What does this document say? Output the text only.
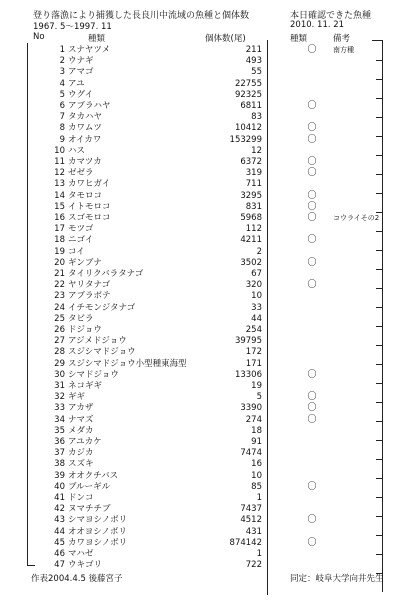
登り落漁により捕獲した長良川中流域の魚種と個体数
1967. 5～1997. 11
No	種類	個体数(尾)
本日確認できた魚種
2010. 11. 21
種類	備考
1 スナヤツメ	211	〇 南方種
2 ウナギ	493
3 アマゴ	55
4 アユ	22755
5 ウグイ	92325
6 アブラハヤ	6811	〇
7 タカハヤ	83
8 カワムツ	10412	〇
9 オイカワ	153299	〇
10 ハス	12
11 カマツカ	6372	〇
12 ゼゼラ	319	〇
13 カワヒガイ	711
14 タモロコ	3295	〇
15 イトモロコ	831	〇
16 スゴモロコ	5968	〇 コウライその2
17 モツゴ	112
18 ニゴイ	4211	〇
19 コイ	2
20 ギンブナ	3502	〇
21 タイリクバラタナゴ	67
22 ヤリタナゴ	320	〇
23 アブラボテ	10
24 イチモンジタナゴ	33
25 タビラ	44
26 ドジョウ	254
27 アジメドジョウ	39795
28 スジシマドジョウ	172
29 スジシマドジョウ小型種東海型	171
30 シマドジョウ	13306	〇
31 ネコギギ	19
32 ギギ	5	〇
33 アカザ	3390	〇
34 ナマズ	274	〇
35 メダカ	18
36 アユカケ	91
37 カジカ	7474
38 スズキ	16
39 オオクチバス	10
40 ブルーギル	85	〇
41 ドンコ	1
42 ヌマチチブ	7437
43 シマヨシノボリ	4512	〇
44 オオヨシノボリ	431
45 カワヨシノボリ	874142	〇
46 マハゼ	1
47 ウキゴリ	722
作表2004.4.5 後藤宮子	同定：岐阜大学向井先生
